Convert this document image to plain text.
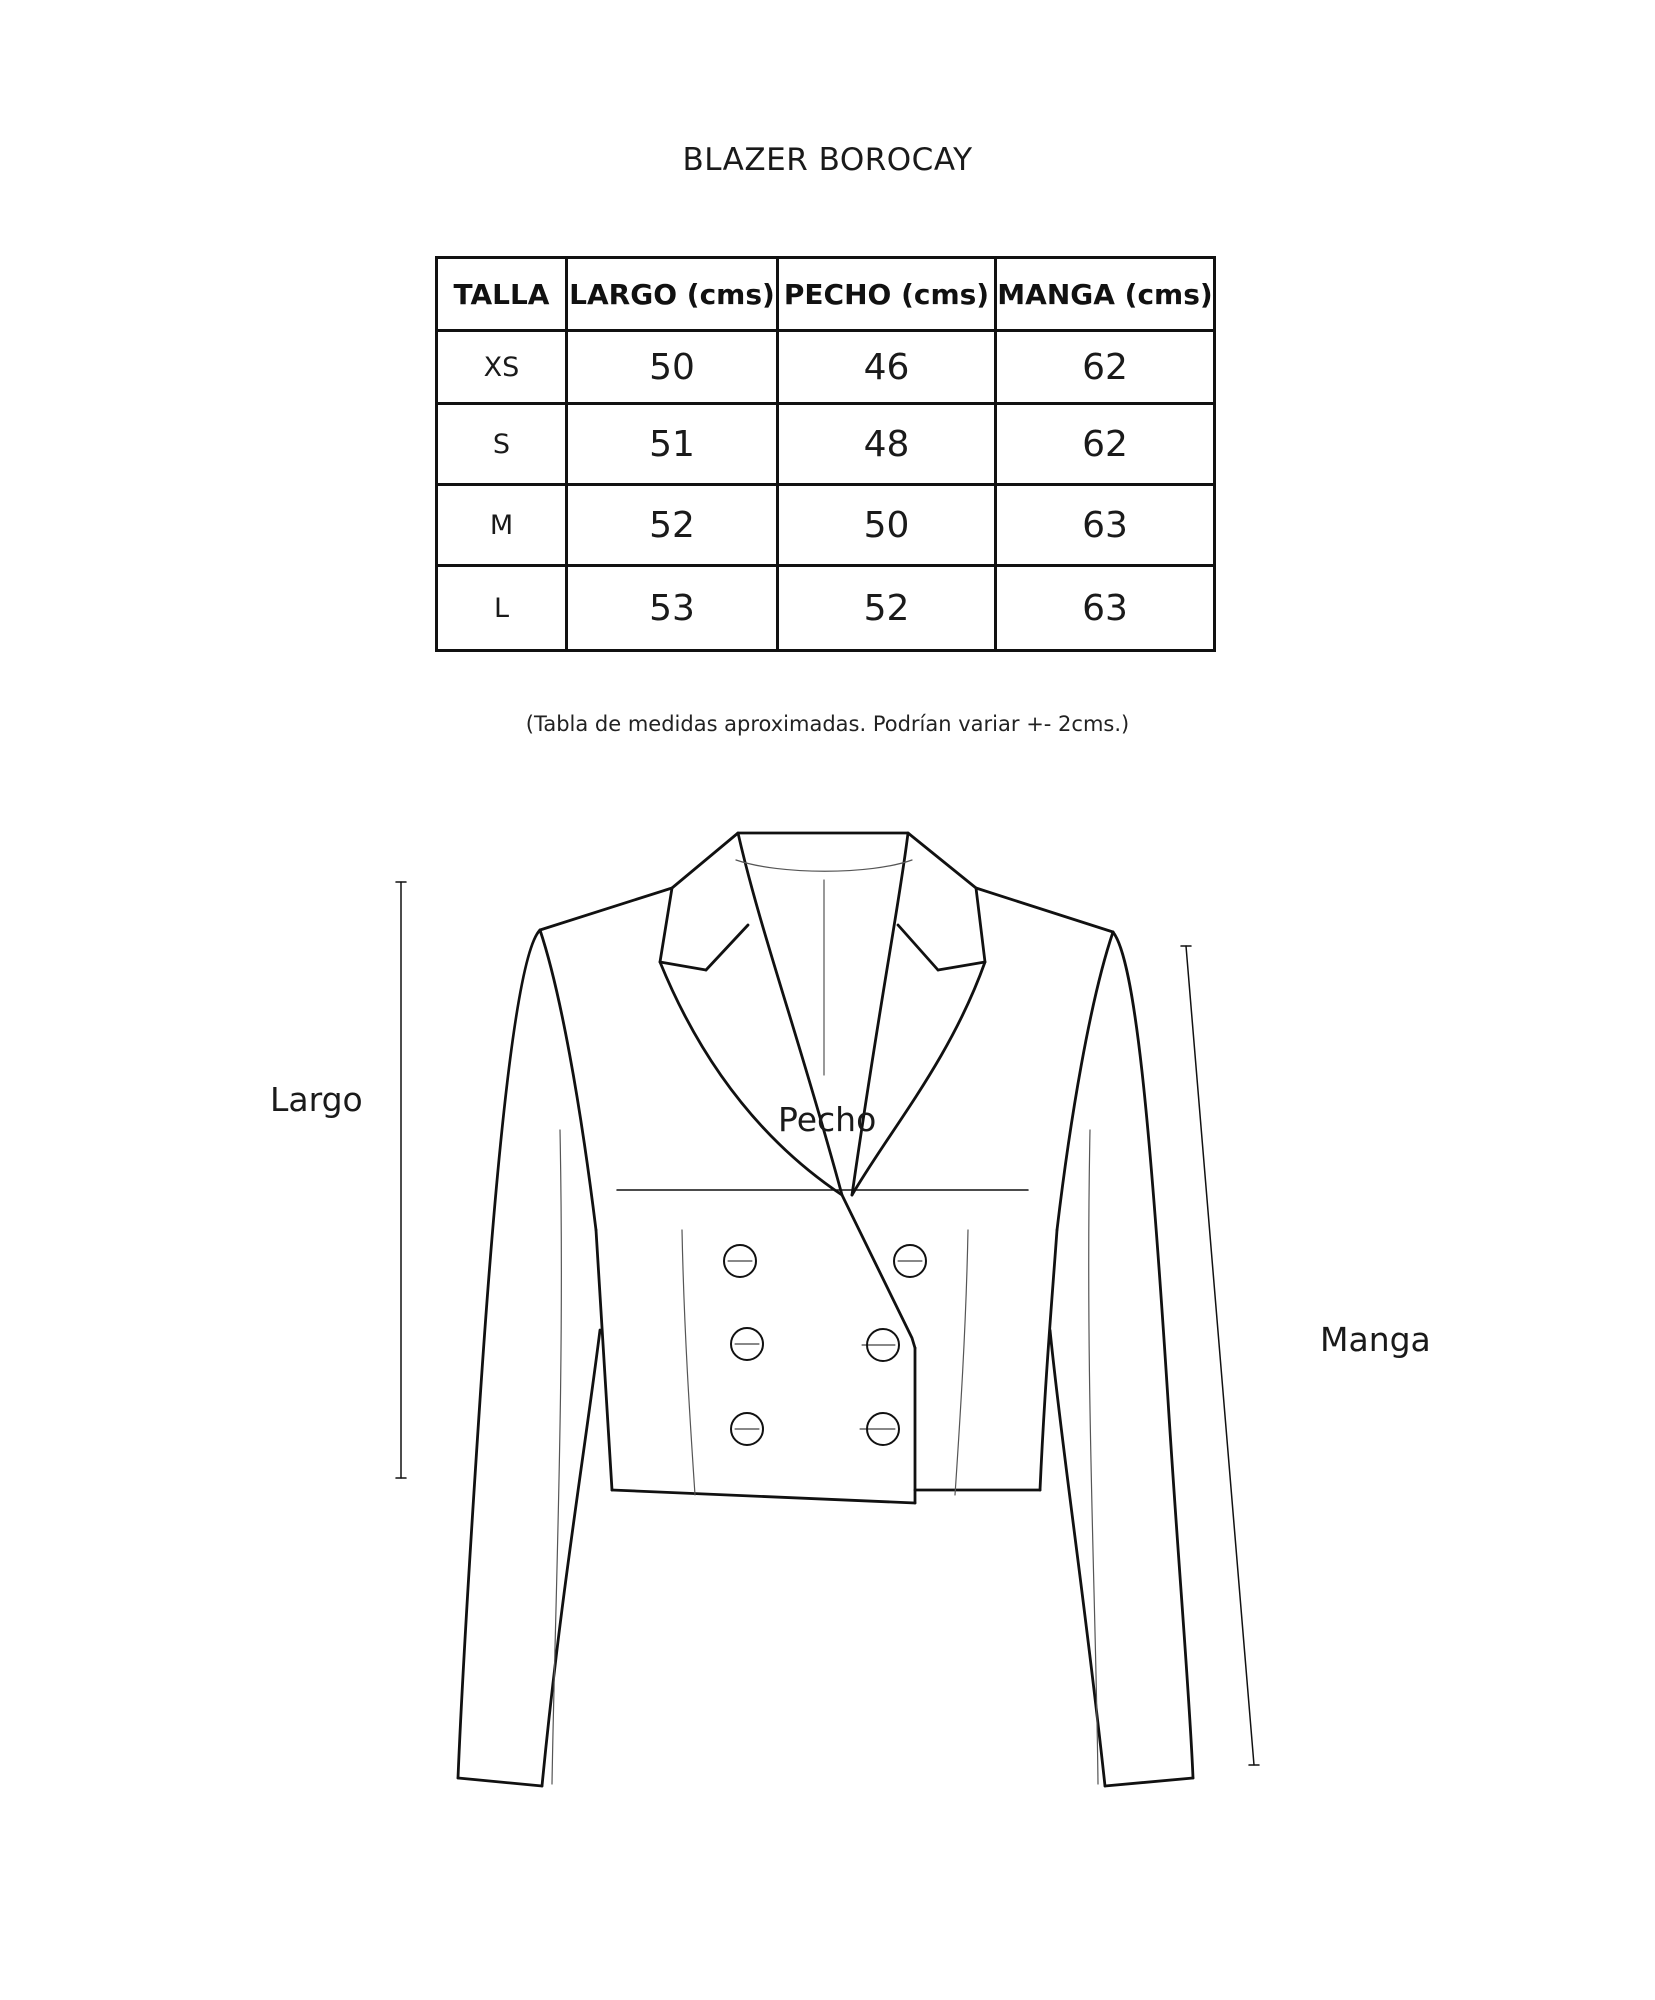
BLAZER BOROCAY
TALLA	LARGO (cms)	PECHO (cms)	MANGA (cms)
XS	50	46	62
S	51	48	62
M	52	50	63
L	53	52	63
(Tabla de medidas aproximadas. Podrían variar +- 2cms.)
Largo
Pecho
Manga
